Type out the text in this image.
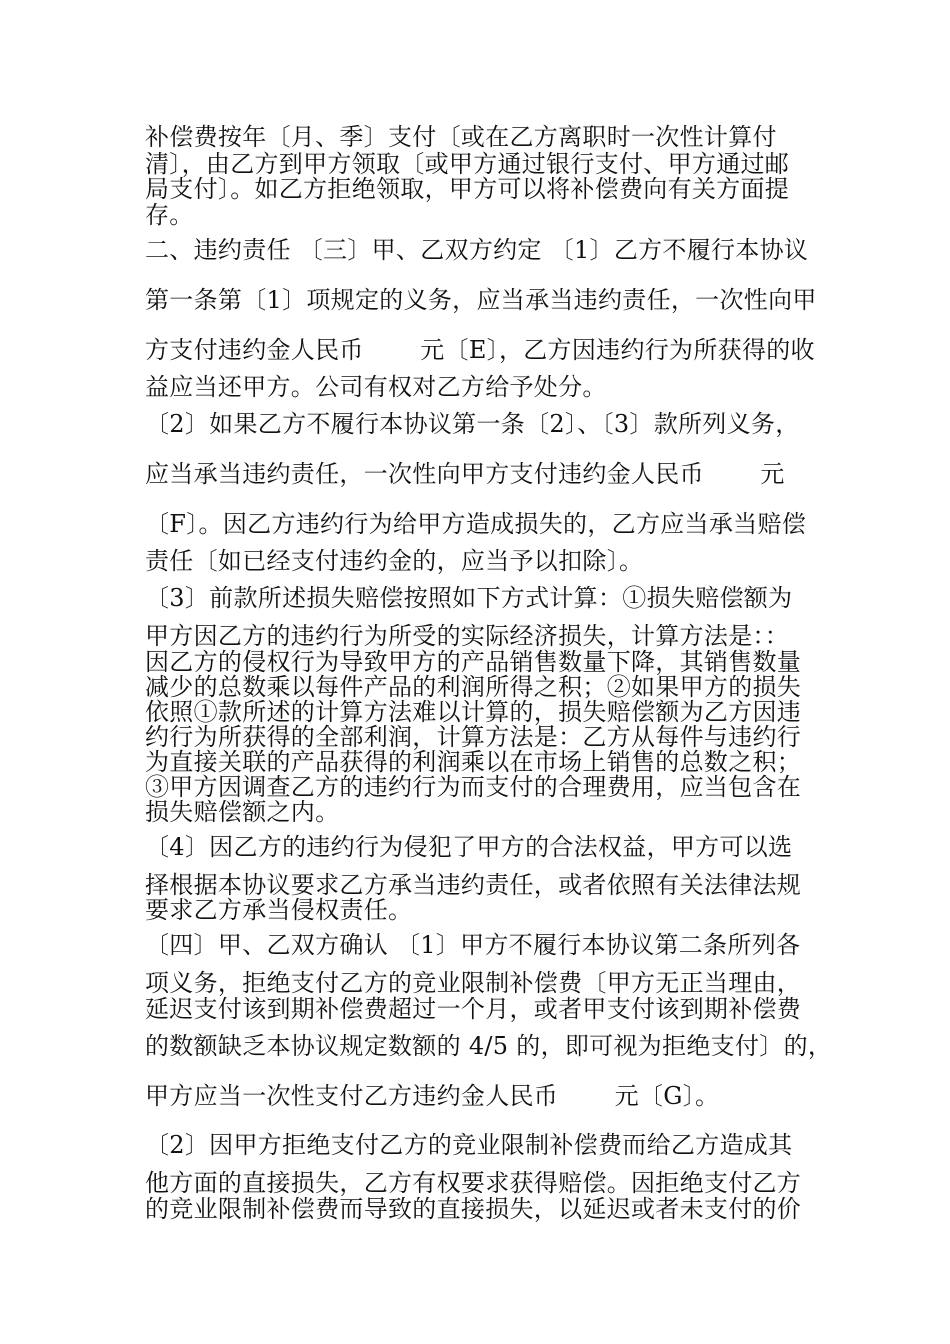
补偿费按年〔月、季〕支付〔或在乙方离职时一次性计算付
清〕，由乙方到甲方领取〔或甲方通过银行支付、甲方通过邮
局支付〕。如乙方拒绝领取，甲方可以将补偿费向有关方面提
存。
二、违约责任 〔三〕甲、乙双方约定 〔1〕乙方不履行本协议
第一条第〔1〕项规定的义务，应当承当违约责任，一次性向甲
方支付违约金人民币　　 元〔E〕，乙方因违约行为所获得的收
益应当还甲方。公司有权对乙方给予处分。
〔2〕如果乙方不履行本协议第一条〔2〕、〔3〕款所列义务，
应当承当违约责任，一次性向甲方支付违约金人民币　　 元
〔F〕。因乙方违约行为给甲方造成损失的，乙方应当承当赔偿
责任〔如已经支付违约金的，应当予以扣除〕。
〔3〕前款所述损失赔偿按照如下方式计算：①损失赔偿额为
甲方因乙方的违约行为所受的实际经济损失，计算方法是：：
因乙方的侵权行为导致甲方的产品销售数量下降，其销售数量
减少的总数乘以每件产品的利润所得之积；②如果甲方的损失
依照①款所述的计算方法难以计算的，损失赔偿额为乙方因违
约行为所获得的全部利润，计算方法是：乙方从每件与违约行
为直接关联的产品获得的利润乘以在市场上销售的总数之积；
③甲方因调查乙方的违约行为而支付的合理费用，应当包含在
损失赔偿额之内。
〔4〕因乙方的违约行为侵犯了甲方的合法权益，甲方可以选
择根据本协议要求乙方承当违约责任，或者依照有关法律法规
要求乙方承当侵权责任。
〔四〕甲、乙双方确认 〔1〕甲方不履行本协议第二条所列各
项义务，拒绝支付乙方的竞业限制补偿费〔甲方无正当理由，
延迟支付该到期补偿费超过一个月，或者甲支付该到期补偿费
的数额缺乏本协议规定数额的 4/5 的，即可视为拒绝支付〕的，
甲方应当一次性支付乙方违约金人民币　　 元〔G〕。
〔2〕因甲方拒绝支付乙方的竞业限制补偿费而给乙方造成其
他方面的直接损失，乙方有权要求获得赔偿。因拒绝支付乙方
的竞业限制补偿费而导致的直接损失，以延迟或者未支付的价
